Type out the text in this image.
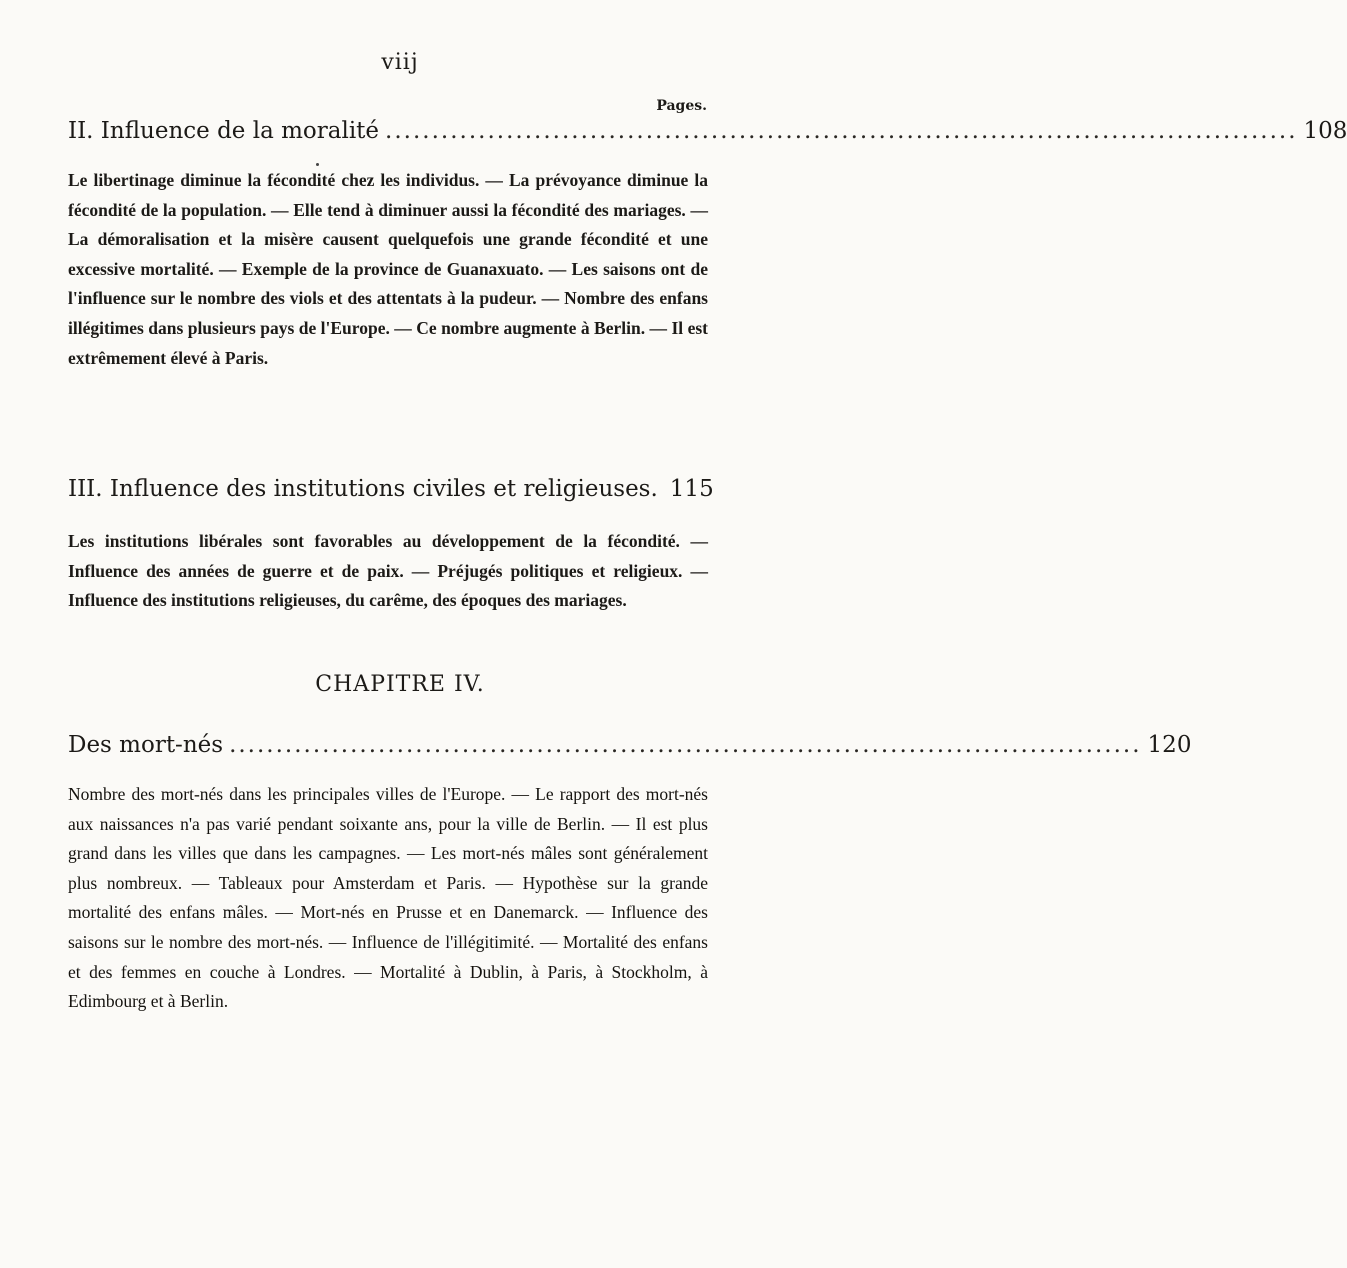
viij
Pages.
II. Influence de la moralité .................................................................................................. 108

Le libertinage diminue la fécondité chez les individus. — La prévoyance diminue la fécondité de la population. — Elle tend à diminuer aussi la fécondité des mariages. — La démoralisation et la misère causent quelquefois une grande fécondité et une excessive mortalité. — Exemple de la province de Guanaxuato. — Les saisons ont de l'influence sur le nombre des viols et des attentats à la pudeur. — Nombre des enfans illégitimes dans plusieurs pays de l'Europe. — Ce nombre augmente à Berlin. — Il est extrêmement élevé à Paris.

III. Influence des institutions civiles et religieuses. 115

Les institutions libérales sont favorables au développement de la fécondité. — Influence des années de guerre et de paix. — Préjugés politiques et religieux. — Influence des institutions religieuses, du carême, des époques des mariages.

CHAPITRE IV.
Des mort-nés .................................................................................................. 120

Nombre des mort-nés dans les principales villes de l'Europe. — Le rapport des mort-nés aux naissances n'a pas varié pendant soixante ans, pour la ville de Berlin. — Il est plus grand dans les villes que dans les campagnes. — Les mort-nés mâles sont généralement plus nombreux. — Tableaux pour Amsterdam et Paris. — Hypothèse sur la grande mortalité des enfans mâles. — Mort-nés en Prusse et en Danemarck. — Influence des saisons sur le nombre des mort-nés. — Influence de l'illégitimité. — Mortalité des enfans et des femmes en couche à Londres. — Mortalité à Dublin, à Paris, à Stockholm, à Edimbourg et à Berlin.
